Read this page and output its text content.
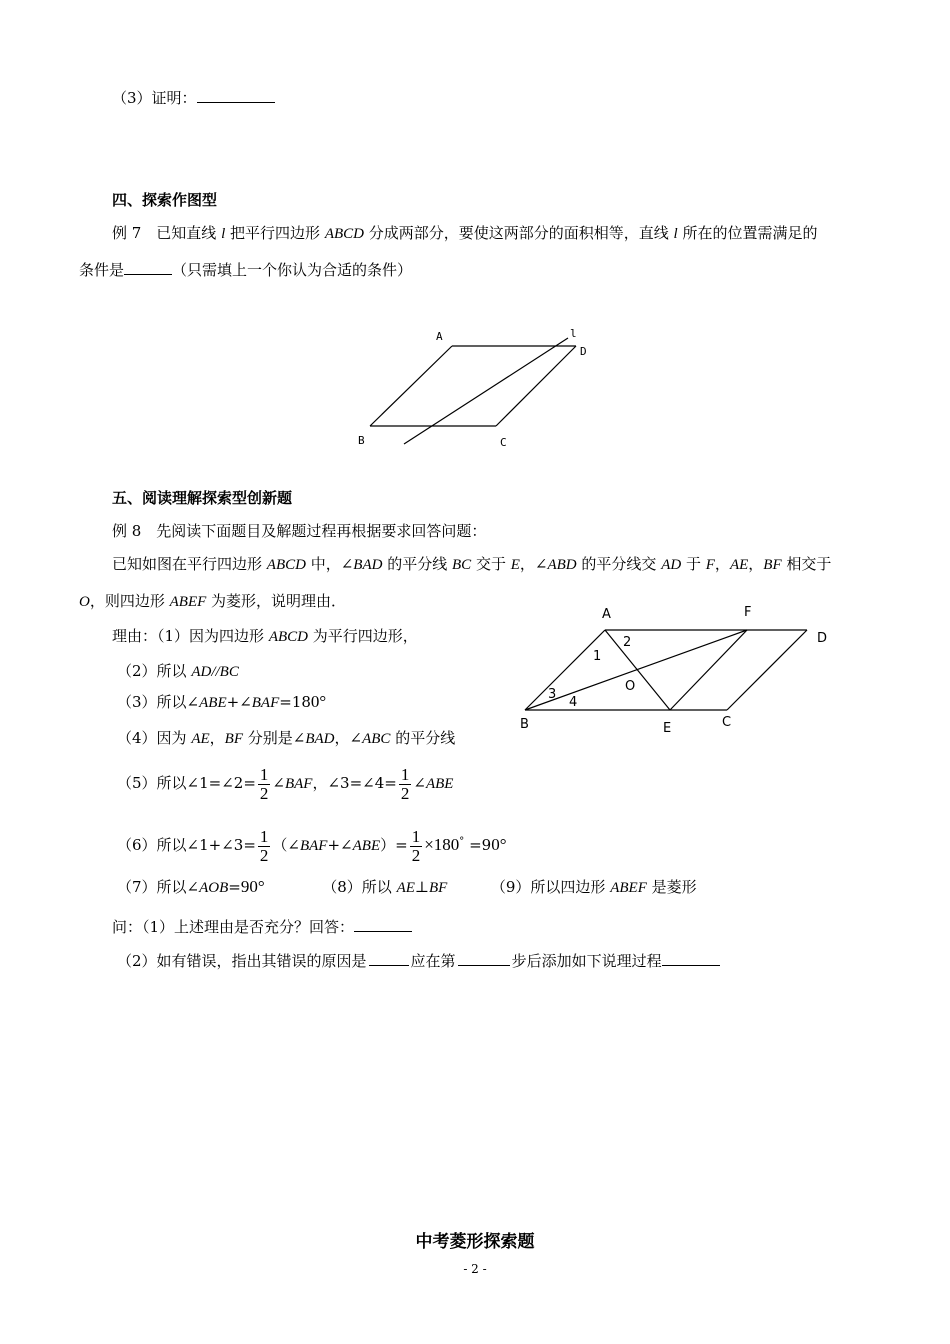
（3）证明：
四、探索作图型
例 7　已知直线 l 把平行四边形 ABCD 分成两部分，要使这两部分的面积相等，直线 l 所在的位置需满足的
条件是	（只需填上一个你认为合适的条件）
A	l
D
B	C
五、阅读理解探索型创新题
例 8　先阅读下面题目及解题过程再根据要求回答问题：
已知如图在平行四边形 ABCD 中，∠BAD 的平分线 BC 交于 E，∠ABD 的平分线交 AD 于 F，AE，BF 相交于
O，则四边形 ABEF 为菱形，说明理由．
理由：（1）因为四边形 ABCD 为平行四边形，
（2）所以 AD//BC
（3）所以∠ABE+∠BAF=180°
（4）因为 AE，BF 分别是∠BAD，∠ABC 的平分线
（5）所以∠1=∠2= $\frac{1}{2}$ ∠BAF，∠3=∠4= $\frac{1}{2}$ ∠ABE
（6）所以∠1+∠3= $\frac{1}{2}$ （∠BAF+∠ABE）= $\frac{1}{2} \times 180^\circ =90^\circ$
（7）所以∠AOB=90°	（8）所以 AE⊥BF	（9）所以四边形 ABEF 是菱形
问：（1）上述理由是否充分？回答：
（2）如有错误，指出其错误的原因是	应在第	步后添加如下说理过程
A	F
D
B	E	C
O
1
2
3
4
中考菱形探索题
- 2 -
